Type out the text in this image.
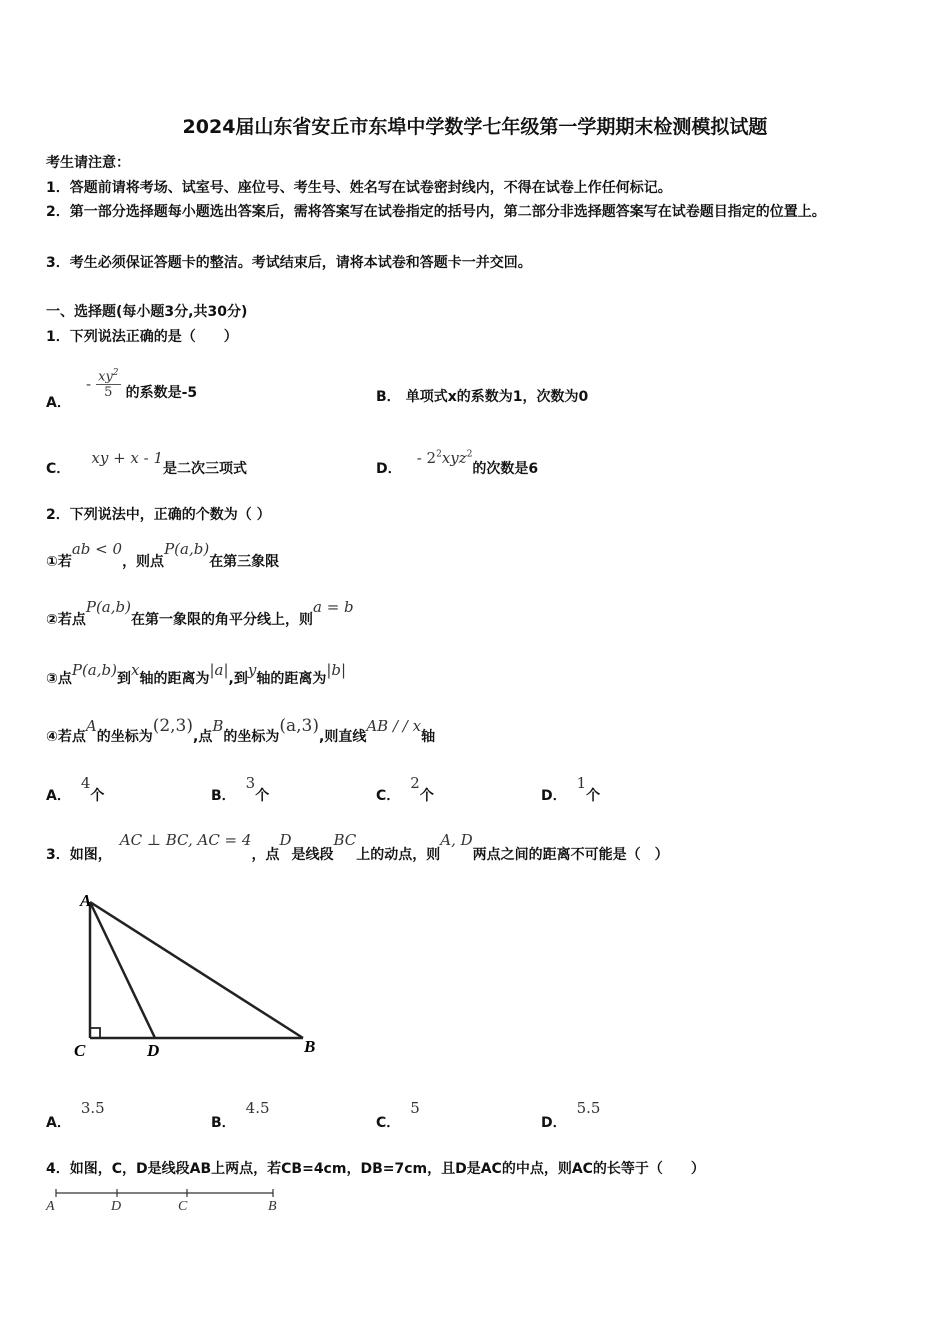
2024届山东省安丘市东埠中学数学七年级第一学期期末检测模拟试题
考生请注意：
1．答题前请将考场、试室号、座位号、考生号、姓名写在试卷密封线内，不得在试卷上作任何标记。
2．第一部分选择题每小题选出答案后，需将答案写在试卷指定的括号内，第二部分非选择题答案写在试卷题目指定的位置上。
3．考生必须保证答题卡的整洁。考试结束后，请将本试卷和答题卡一并交回。
一、选择题(每小题3分,共30分)
1．下列说法正确的是（　　）
A． - $\frac{xy^2}{5}$ 的系数是-5	B． 单项式x的系数为1，次数为0
C． xy + x - 1是二次三项式	D． - $2^2xyz^2$的次数是6
2．下列说法中，正确的个数为（ ）
①若ab < 0，则点P(a,b)在第三象限
②若点P(a,b)在第一象限的角平分线上，则a = b
③点P(a,b)到x轴的距离为|a|,到y轴的距离为|b|
④若点A的坐标为(2,3),点B的坐标为(a,3),则直线AB / / x轴
A．4个	B．3个	C．2个	D．1个
3．如图，AC ⊥ BC, AC = 4，点D是线段BC上的动点，则A, D两点之间的距离不可能是（　）
A
C	D	B
A．3.5
B．4.5
C．5
D．5.5
4．如图，C，D是线段AB上两点，若CB=4cm，DB=7cm，且D是AC的中点，则AC的长等于（　　）
A	D	C	B
